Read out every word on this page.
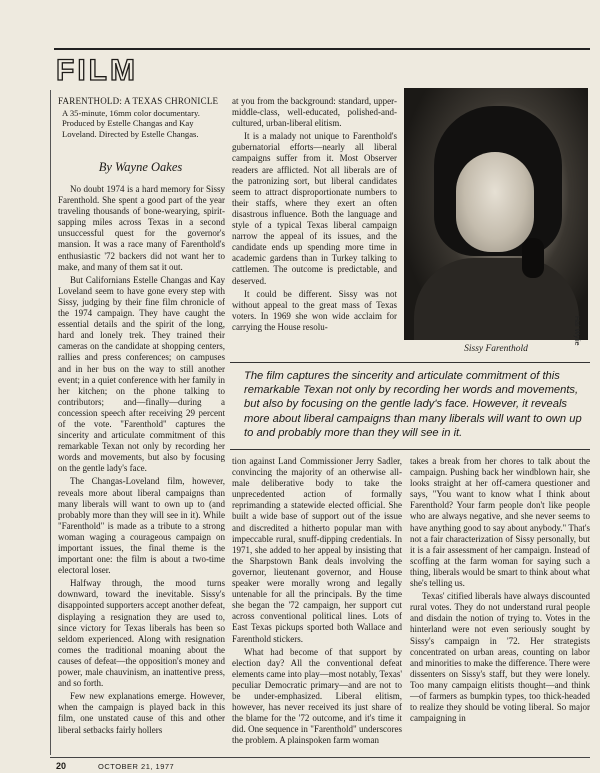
FILM
FARENTHOLD: A TEXAS CHRONICLE
A 35-minute, 16mm color documentary. Produced by Estelle Changas and Kay Loveland. Directed by Estelle Changas.
By Wayne Oakes

No doubt 1974 is a hard memory for Sissy Farenthold. She spent a good part of the year traveling thousands of bone-wearying, spirit-sapping miles across Texas in a second unsuccessful quest for the governor's mansion. It was a race many of Farenthold's enthusiastic '72 backers did not want her to make, and many of them sat it out.

But Californians Estelle Changas and Kay Loveland seem to have gone every step with Sissy, judging by their fine film chronicle of the 1974 campaign. They have caught the essential details and the spirit of the long, hard and lonely trek. They trained their cameras on the candidate at shopping centers, rallies and press conferences; on campuses and in her bus on the way to still another event; in a quiet conference with her family in her kitchen; on the phone talking to contributors; and—finally—during a concession speech after receiving 29 percent of the vote. "Farenthold" captures the sincerity and articulate commitment of this remarkable Texan not only by recording her words and movements, but also by focusing on the gentle lady's face.

The Changas-Loveland film, however, reveals more about liberal campaigns than many liberals will want to own up to (and probably more than they will see in it). While "Farenthold" is made as a tribute to a strong woman waging a courageous campaign on important issues, the final theme is the important one: the film is about a two-time electoral loser.

Halfway through, the mood turns downward, toward the inevitable. Sissy's disappointed supporters accept another defeat, displaying a resignation they are used to, since victory for Texas liberals has been so seldom experienced. Along with resignation comes the traditional moaning about the causes of defeat—the opposition's money and power, male chauvinism, an inattentive press, and so forth.

Few new explanations emerge. However, when the campaign is played back in this film, one unstated cause of this and other liberal setbacks fairly hollers

at you from the background: standard, upper-middle-class, well-educated, polished-and-cultured, urban-liberal elitism.

It is a malady not unique to Farenthold's gubernatorial efforts—nearly all liberal campaigns suffer from it. Most Observer readers are afflicted. Not all liberals are of the patronizing sort, but liberal candidates seem to attract disproportionate numbers to their staffs, where they exert an often disastrous influence. Both the language and style of a typical Texas liberal campaign narrow the appeal of its issues, and the candidate ends up spending more time in academic gardens than in Turkey talking to cattlemen. The outcome is predictable, and deserved.

It could be different. Sissy was not without appeal to the great mass of Texas voters. In 1969 she won wide acclaim for carrying the House resolu-	Hal Wylie
Sissy Farenthold
The film captures the sincerity and articulate commitment of this remarkable Texan not only by recording her words and movements, but also by focusing on the gentle lady's face. However, it reveals more about liberal campaigns than many liberals will want to own up to and probably more than they will see in it.

tion against Land Commissioner Jerry Sadler, convincing the majority of an otherwise all-male deliberative body to take the unprecedented action of formally reprimanding a statewide elected official. She built a wide base of support out of the issue and discredited a hitherto popular man with impeccable rural, snuff-dipping credentials. In 1971, she added to her appeal by insisting that the Sharpstown Bank deals involving the governor, lieutenant governor, and House speaker were morally wrong and legally untenable for all the principals. By the time she began the '72 campaign, her support cut across conventional political lines. Lots of East Texas pickups sported both Wallace and Farenthold stickers.

What had become of that support by election day? All the conventional defeat elements came into play—most notably, Texas' peculiar Democratic primary—and are not to be under-emphasized. Liberal elitism, however, has never received its just share of the blame for the '72 outcome, and it's time it did. One sequence in "Farenthold" underscores the problem. A plainspoken farm woman

takes a break from her chores to talk about the campaign. Pushing back her windblown hair, she looks straight at her off-camera questioner and says, "You want to know what I think about Farenthold? Your farm people don't like people who are always negative, and she never seems to have anything good to say about anybody." That's not a fair characterization of Sissy personally, but it is a fair assessment of her campaign. Instead of scoffing at the farm woman for saying such a thing, liberals would be smart to think about what she's telling us.

Texas' citified liberals have always discounted rural votes. They do not understand rural people and disdain the notion of trying to. Votes in the hinterland were not even seriously sought by Sissy's campaign in '72. Her strategists concentrated on urban areas, counting on labor and minorities to make the difference. There were dissenters on Sissy's staff, but they were lonely. Too many campaign elitists thought—and think—of farmers as bumpkin types, too thick-headed to realize they should be voting liberal. So major campaigning in

20	OCTOBER 21, 1977
